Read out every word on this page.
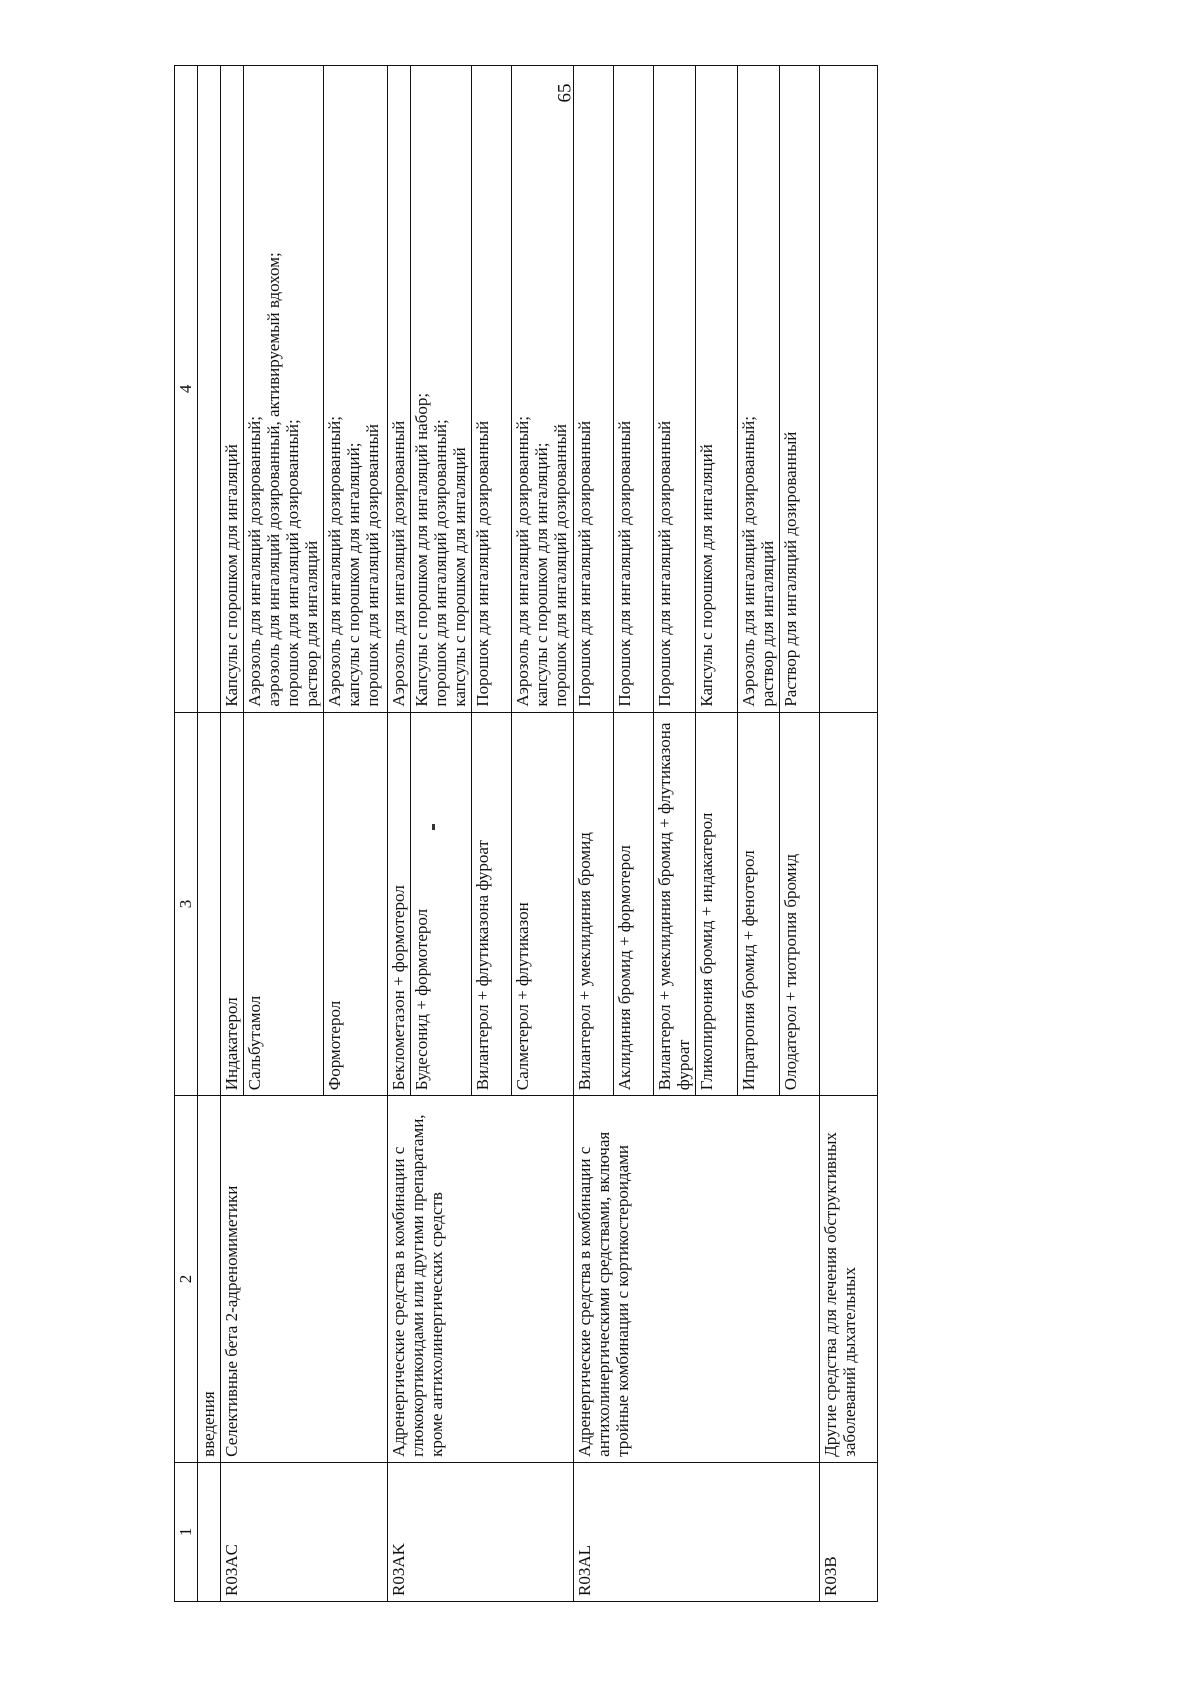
65
1	2	3	4
	введения		
R03AC	Селективные бета 2-адреномиметики	Индакатерол	Капсулы с порошком для ингаляций

		Сальбутамол	Аэрозоль для ингаляций дозированный; аэрозоль для ингаляций дозированный, активируемый вдохом; порошок для ингаляций дозированный; раствор для ингаляций

		Формотерол	Аэрозоль для ингаляций дозированный; капсулы с порошком для ингаляций; порошок для ингаляций дозированный

R03AK	Адренергические средства в комбинации с глюкокортикоидами или другими препаратами, кроме антихолинергических средств	Беклометазон + формотерол	Аэрозоль для ингаляций дозированный

		Будесонид + формотерол	Капсулы с порошком для ингаляций набор; порошок для ингаляций дозированный; капсулы с порошком для ингаляций

		Вилантерол + флутиказона фуроат	Порошок для ингаляций дозированный

		Салметерол + флутиказон	Аэрозоль для ингаляций дозированный; капсулы с порошком для ингаляций; порошок для ингаляций дозированный

R03AL	Адренергические средства в комбинации с антихолинергическими средствами, включая тройные комбинации с кортикостероидами	Вилантерол + умеклидиния бромид	Порошок для ингаляций дозированный

		Аклидиния бромид + формотерол	Порошок для ингаляций дозированный

		Вилантерол + умеклидиния бромид + флутиказона фуроат	Порошок для ингаляций дозированный

		Гликопиррония бромид + индакатерол	Капсулы с порошком для ингаляций

		Ипратропия бромид + фенотерол	Аэрозоль для ингаляций дозированный; раствор для ингаляций

		Олодатерол + тиотропия бромид	Раствор для ингаляций дозированный

R03B	Другие средства для лечения обструктивных заболеваний дыхательных		
